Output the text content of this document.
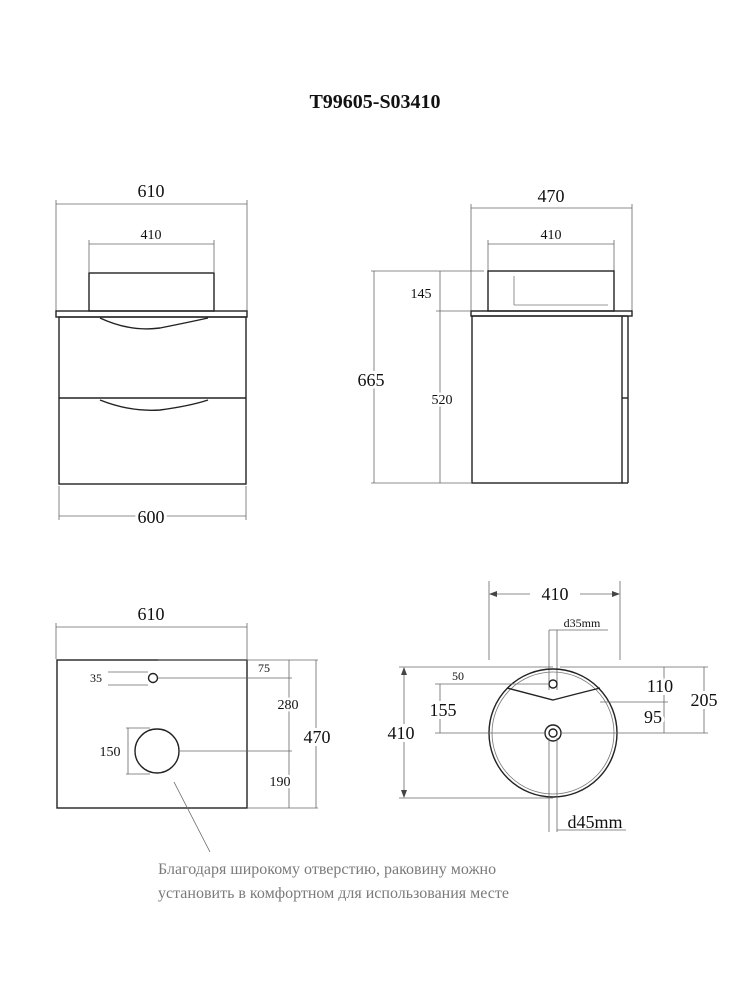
T99605-S03410
610
410
600
470
410
665
145
520
610
35
150
75
280
470
190
410
d35mm
410
50
155
110
95
205
d45mm
Благодаря широкому отверстию, раковину можно
установить в комфортном для использования месте
